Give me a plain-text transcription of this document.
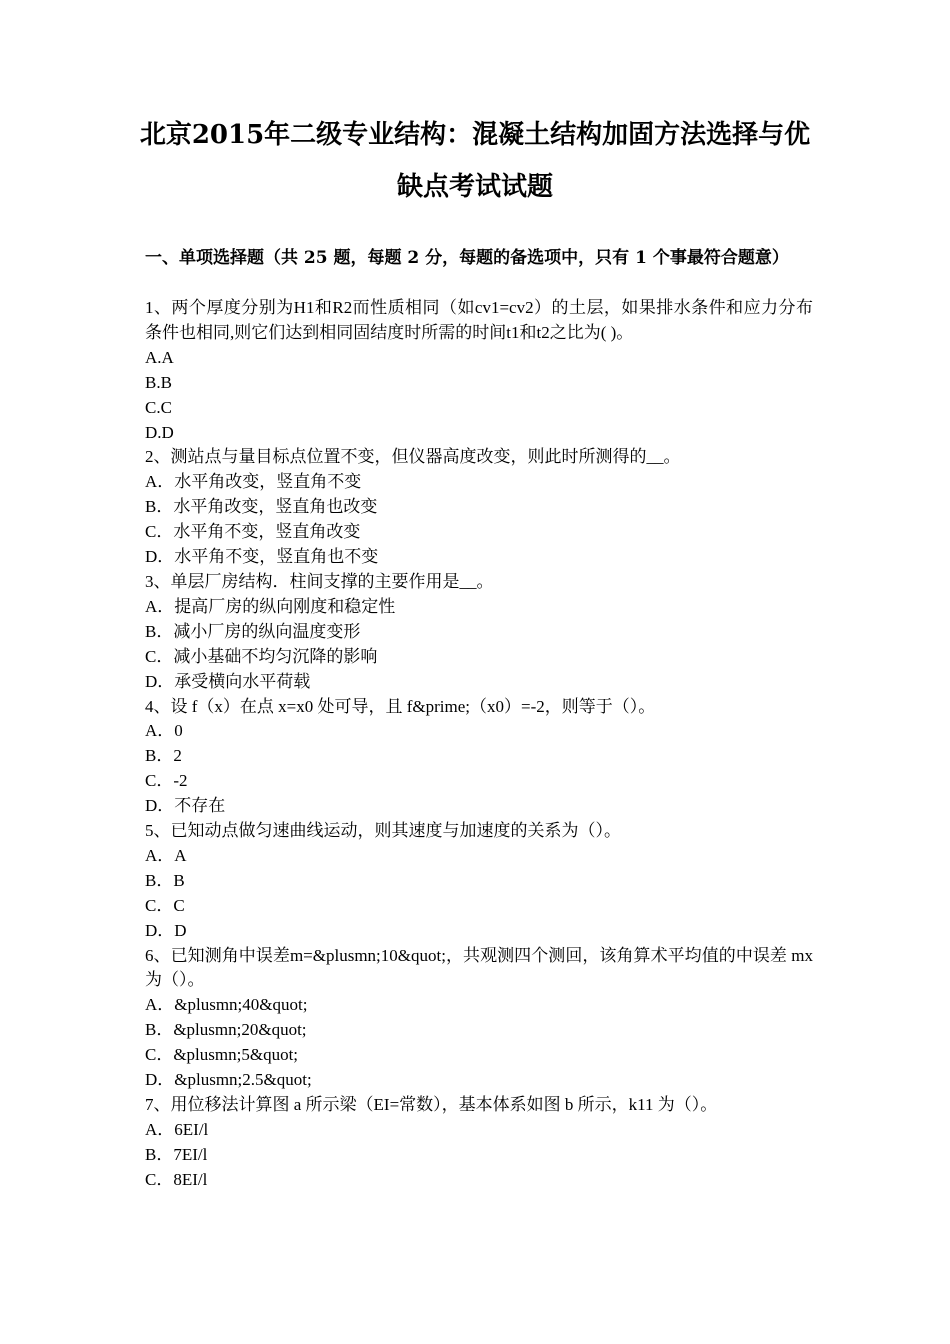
北京2015年二级专业结构：混凝土结构加固方法选择与优
缺点考试试题
一、单项选择题（共 25 题，每题 2 分，每题的备选项中，只有 1 个事最符合题意）
1、两个厚度分别为H1和R2而性质相同（如cv1=cv2）的土层，如果排水条件和应力分布条件也相同,则它们达到相同固结度时所需的时间t1和t2之比为( )。
A.A
B.B
C.C
D.D
2、测站点与量目标点位置不变，但仪器高度改变，则此时所测得的__。
A．水平角改变，竖直角不变
B．水平角改变，竖直角也改变
C．水平角不变，竖直角改变
D．水平角不变，竖直角也不变
3、单层厂房结构．柱间支撑的主要作用是__。
A．提高厂房的纵向刚度和稳定性
B．减小厂房的纵向温度变形
C．减小基础不均匀沉降的影响
D．承受横向水平荷载
4、设 f（x）在点 x=x0 处可导，且 f&prime;（x0）=-2，则等于（）。
A．0
B．2
C．-2
D．不存在
5、已知动点做匀速曲线运动，则其速度与加速度的关系为（）。
A．A
B．B
C．C
D．D
6、已知测角中误差m=&plusmn;10&quot;，共观测四个测回，该角算术平均值的中误差 mx 为（）。
A．&plusmn;40&quot;
B．&plusmn;20&quot;
C．&plusmn;5&quot;
D．&plusmn;2.5&quot;
7、用位移法计算图 a 所示梁（EI=常数），基本体系如图 b 所示，k11 为（）。
A．6EI/l
B．7EI/l
C．8EI/l
